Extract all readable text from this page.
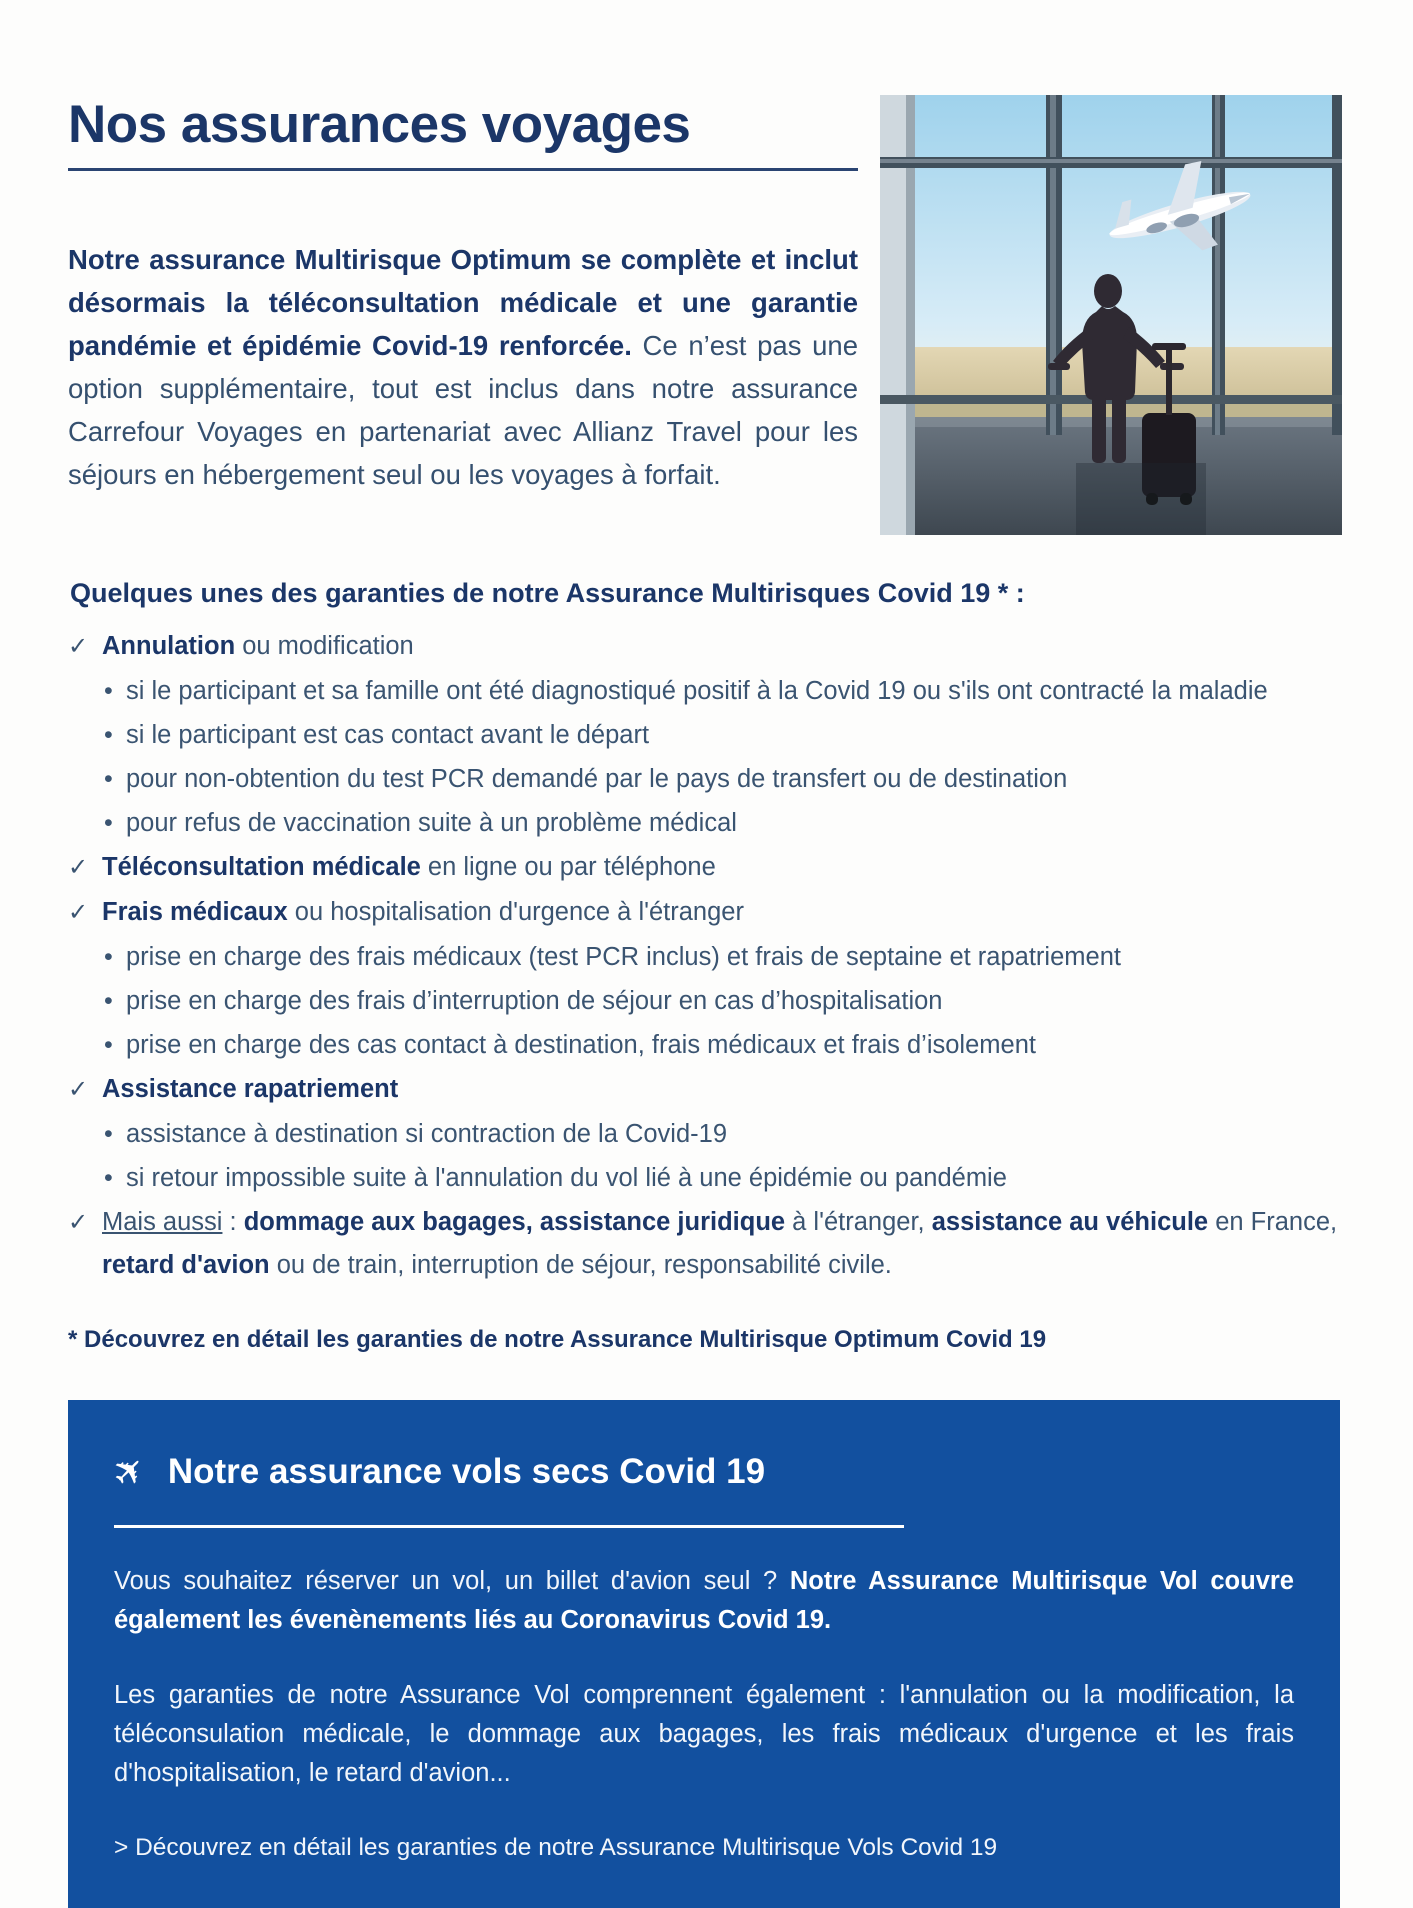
Nos assurances voyages
Notre assurance Multirisque Optimum se complète et inclut désormais la téléconsultation médicale et une garantie pandémie et épidémie Covid-19 renforcée. Ce n’est pas une option supplémentaire, tout est inclus dans notre assurance Carrefour Voyages en partenariat avec Allianz Travel pour les séjours en hébergement seul ou les voyages à forfait.
Quelques unes des garanties de notre Assurance Multirisques Covid 19 * :
✓ Annulation ou modification
• si le participant et sa famille ont été diagnostiqué positif à la Covid 19 ou s'ils ont contracté la maladie
• si le participant est cas contact avant le départ
• pour non-obtention du test PCR demandé par le pays de transfert ou de destination
• pour refus de vaccination suite à un problème médical
✓ Téléconsultation médicale en ligne ou par téléphone
✓ Frais médicaux ou hospitalisation d'urgence à l'étranger
• prise en charge des frais médicaux (test PCR inclus) et frais de septaine et rapatriement
• prise en charge des frais d’interruption de séjour en cas d’hospitalisation
• prise en charge des cas contact à destination, frais médicaux et frais d’isolement
✓ Assistance rapatriement
• assistance à destination si contraction de la Covid-19
• si retour impossible suite à l'annulation du vol lié à une épidémie ou pandémie
✓ Mais aussi : dommage aux bagages, assistance juridique à l'étranger, assistance au véhicule en France, retard d'avion ou de train, interruption de séjour, responsabilité civile.
* Découvrez en détail les garanties de notre Assurance Multirisque Optimum Covid 19
✈ Notre assurance vols secs Covid 19
Vous souhaitez réserver un vol, un billet d'avion seul ? Notre Assurance Multirisque Vol couvre également les évenènements liés au Coronavirus Covid 19.
Les garanties de notre Assurance Vol comprennent également : l'annulation ou la modification, la téléconsulation médicale, le dommage aux bagages, les frais médicaux d'urgence et les frais d'hospitalisation, le retard d'avion...
> Découvrez en détail les garanties de notre Assurance Multirisque Vols Covid 19
